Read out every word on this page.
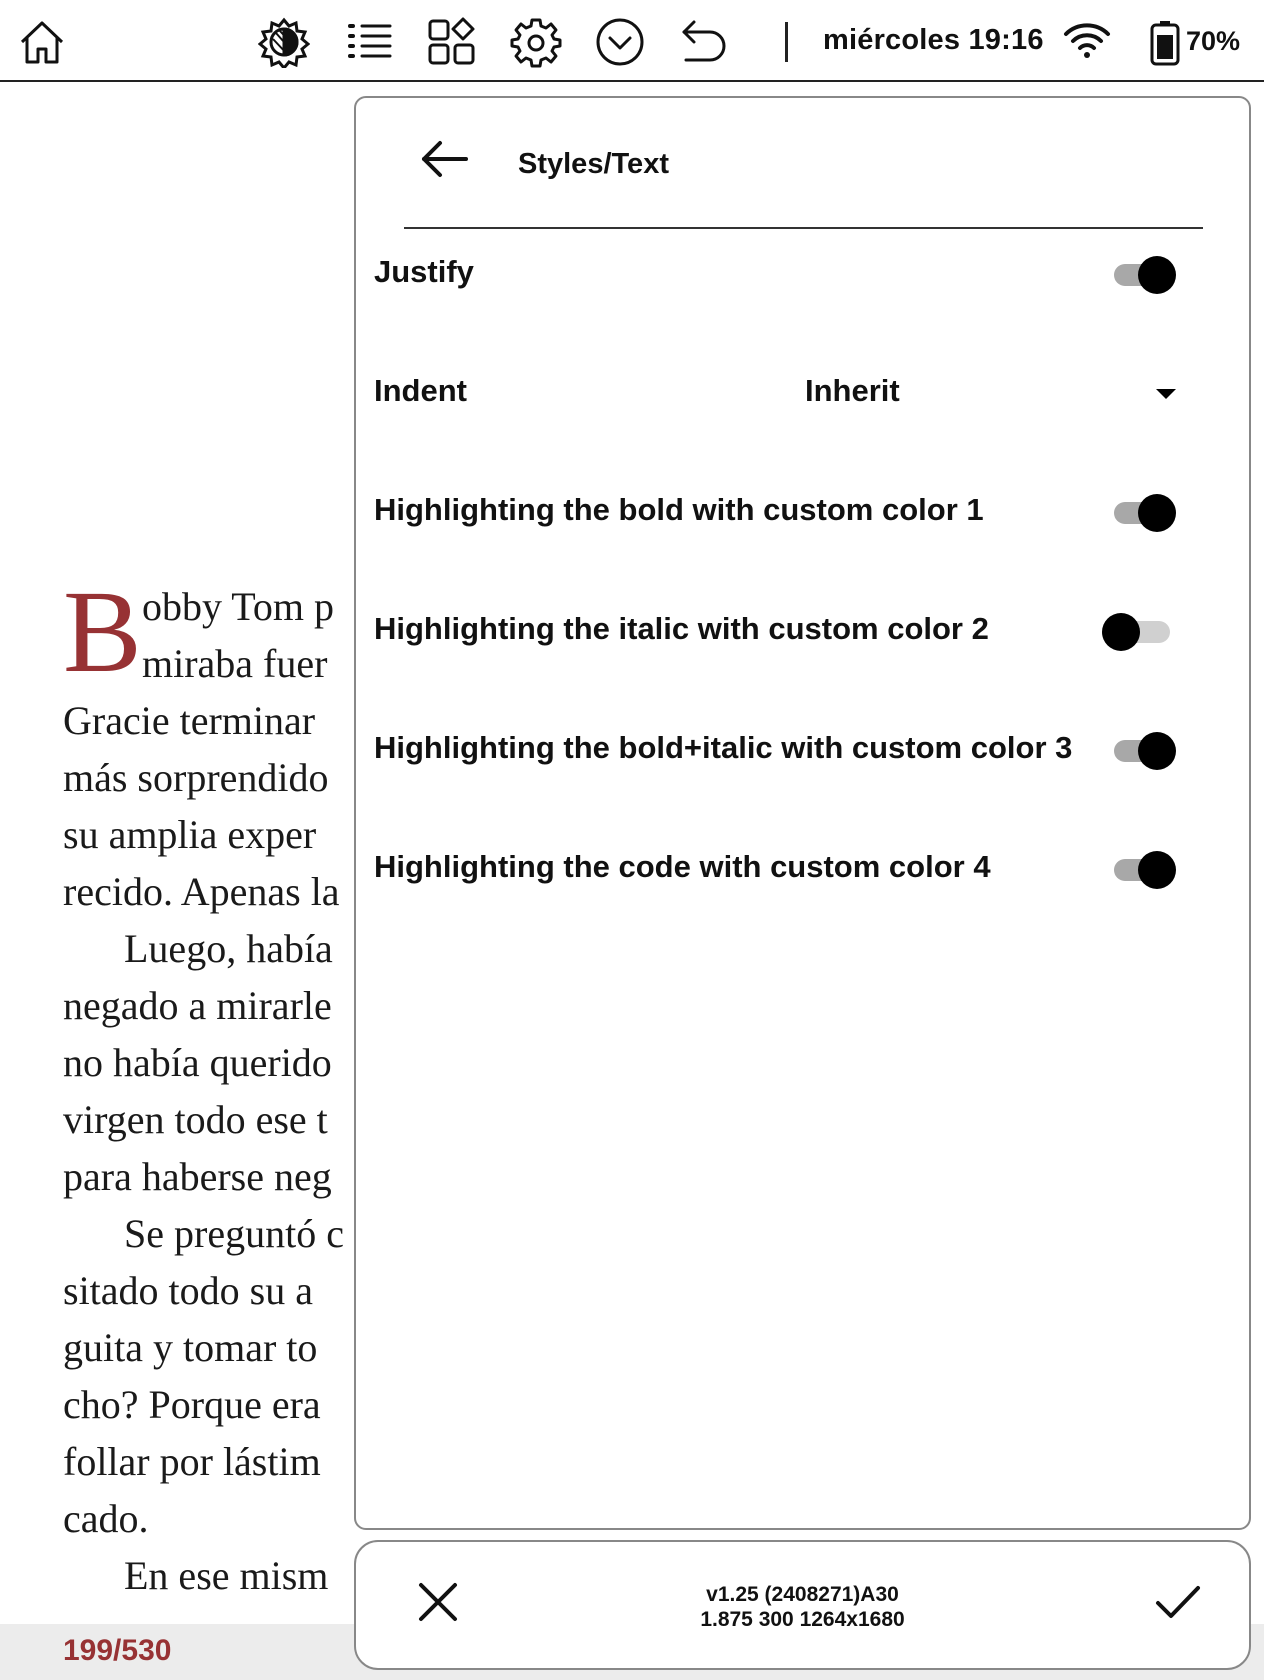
miércoles 19:16	70%
B obby Tom p
miraba fuer
Gracie terminar
más sorprendido
su amplia exper
recido. Apenas la
Luego, había
negado a mirarle
no había querido
virgen todo ese t
para haberse neg
Se preguntó c
sitado todo su a
guita y tomar to
cho? Porque era
follar por lástim
cado.
En ese mism
199/530
Styles/Text
Justify
Indent	Inherit
Highlighting the bold with custom color 1
Highlighting the italic with custom color 2
Highlighting the bold+italic with custom color 3
Highlighting the code with custom color 4
v1.25 (2408271)A30
1.875 300 1264x1680
